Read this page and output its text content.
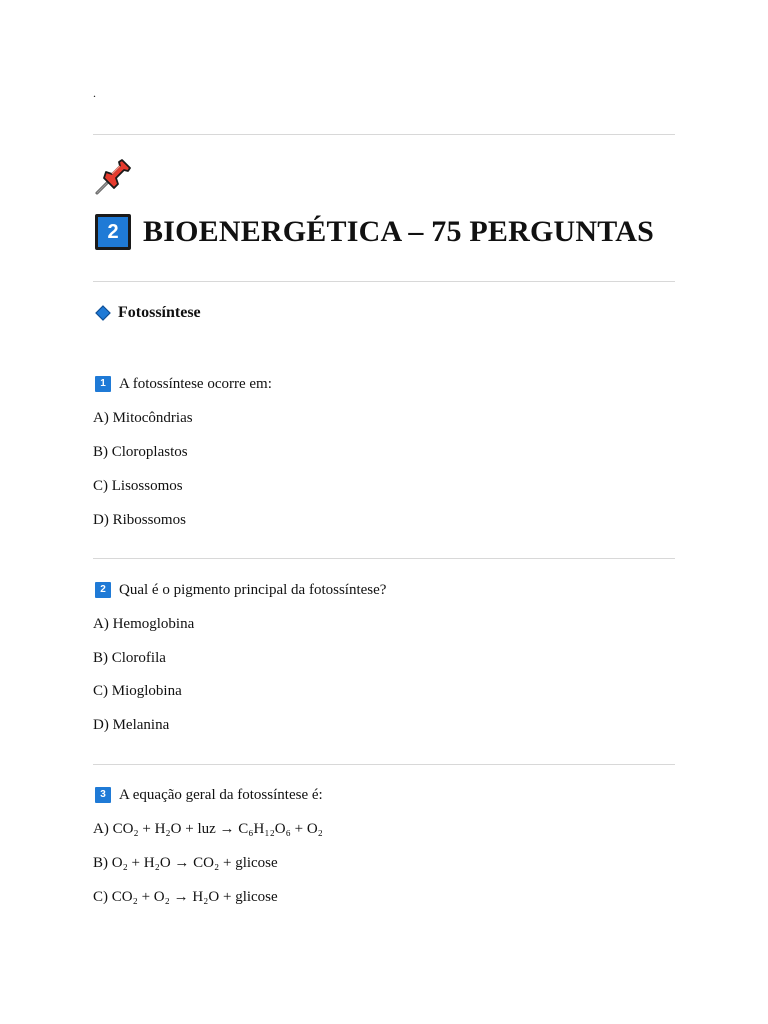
.
2 BIOENERGÉTICA – 75 PERGUNTAS
Fotossíntese
1 A fotossíntese ocorre em:
A) Mitocôndrias
B) Cloroplastos
C) Lisossomos
D) Ribossomos
2 Qual é o pigmento principal da fotossíntese?
A) Hemoglobina
B) Clorofila
C) Mioglobina
D) Melanina
3 A equação geral da fotossíntese é:
A) CO₂ + H₂O + luz → C₆H₁₂O₆ + O₂
B) O₂ + H₂O → CO₂ + glicose
C) CO₂ + O₂ → H₂O + glicose
